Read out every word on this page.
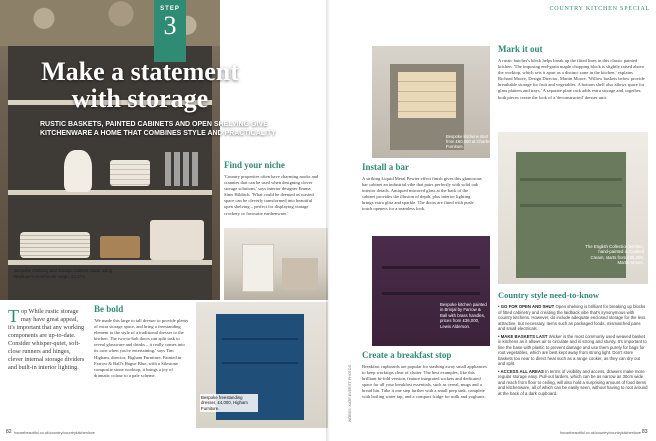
Bespoke shelving and storage cabinet made using Neptune's Limehouse range, £1,273.
STEP
3
Make a statement with storage

RUSTIC BASKETS, PAINTED CABINETS AND OPEN SHELVING GIVE KITCHENWARE A HOME THAT COMBINES STYLE AND PRACTICALITY

Find your niche

'Country properties often have charming nooks and crannies that can be used when designing clever storage solutions,' says interior designer Emma Sims Hilditch. 'What could be deemed as wasted space can be cleverly transformed into beautiful open shelving – perfect for displaying vintage crockery or favourite earthenware.'

T op While rustic storage may have great appeal, it's important that any working components are up-to-date. Consider whisper-quiet, soft-close runners and hinges, clever internal storage dividers and built-in interior lighting.

Be bold

'We made this large to tall dresser to provide plenty of extra storage space, and bring a freestanding element to the style of a traditional dresser to the kitchen. The two-to-hob doors can split task to reveal glassware and drinks – it really comes into its own when you're entertaining,' says Tim Higham, director, Higham Furniture. Painted in Farrow & Ball's Hague Blue, with a Silestone composite stone worktop, it brings a joy of dramatic colour to a pale scheme.

Bespoke freestanding dresser, £4,000, Higham Furniture.
82 housebeautiful.co.uk/country/countrykitchenlove
COUNTRY KITCHEN SPECIAL
Bespoke kitchens start from £60,000 at Charlie Furniture.
Install a bar

A striking Liquid Metal Pewter effect finish gives this glamorous bar cabinet an industrial vibe that pairs perfectly with solid oak interior details. Antiqued mirrored glass at the back of the cabinet provides the illusion of depth, plus interior lighting brings extra glitz and sparkle. The doors are fitted with push-touch openers for a seamless look.

Mark it out

A rustic butcher's block helps break up the fitted lines in this classic painted kitchen. 'The imposing end-grain maple chopping block is slightly raised above the worktop, which sets it apart as a distinct zone in the kitchen,' explains Richard Moore, Design Director, Martin Moore. 'Willow baskets below provide breathable storage for fruit and vegetables. A bottom shelf also allows space for glass platters and trays.' A separate plate rack adds extra storage and, together, both pieces create the look of a 'deconstructed' dresser unit.

The English Collection kitchen, hand-painted in Cooked Cream, starts from £35,000, Martin Moore.
Bespoke kitchen painted in Brinjal by Farrow & Ball with brass handles, prices from £36,000, Lewis Alderson.
WORDS: KATE EVERITT PHOTOS: ...
Create a breakfast stop

Breakfast cupboards are popular for stashing away small appliances to keep worktops clear of clutter. The best examples, like this brilliant bi-fold version, feature integrated sockets and dedicated space for all your breakfast essentials, such as cereal, mugs and a bread bin. Take it one step further with a small prep sink, complete with boiling water tap, and a compact fridge for milk and yoghurts.

Country style need-to-know

• GO FOR OPEN AND SHUT Open shelving is brilliant for breaking up blocks of fitted cabinetry and creating the laidback vibe that's synonymous with country kitchens. However, do include adequate enclosed storage for the less attractive, but necessary, items such as packaged foods, mismatched pans and small electricals.

• MAKE BASKETS LAST Wicker is the most commonly used weaved basket in kitchens as it allows air to circulate and is strong and sturdy. It's important to line the base with plastic to prevent damage and use them purely for bags for root vegetables, which are best kept away from strong light. Don't store baskets too near to direct heat such as a range cooker, as they can dry out and split.

• ACCESS ALL AREAS In terms of visibility and access, drawers make more regular storage easy. Pull-out larders, which can be as narrow as 30cm wide and reach from floor to ceiling, will also hold a surprising amount of food items and kitchenware, all of which can be easily seen, without having to root around at the back of a dark cupboard.

housebeautiful.co.uk/country/countrykitchenlove 83
